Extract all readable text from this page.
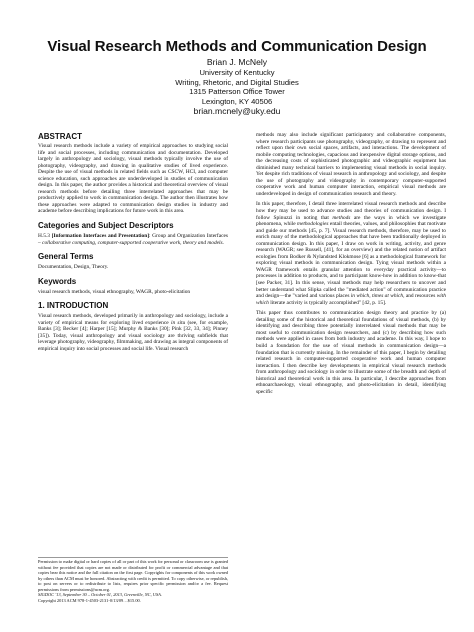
Visual Research Methods and Communication Design
Brian J. McNely
University of Kentucky
Writing, Rhetoric, and Digital Studies
1315 Patterson Office Tower
Lexington, KY 40506
brian.mcnely@uky.edu
ABSTRACT

Visual research methods include a variety of empirical approaches to studying social life and social processes, including communication and documentation. Developed largely in anthropology and sociology, visual methods typically involve the use of photography, videography, and drawing in qualitative studies of lived experience. Despite the use of visual methods in related fields such as CSCW, HCI, and computer science education, such approaches are underdeveloped in studies of communication design. In this paper, the author provides a historical and theoretical overview of visual research methods before detailing three interrelated approaches that may be productively applied to work in communication design. The author then illustrates how these approaches were adapted to communication design studies in industry and academe before describing implications for future work in this area.

Categories and Subject Descriptors

H.5.3 [Information Interfaces and Presentation]: Group and Organization Interfaces – collaborative computing, computer-supported cooperative work, theory and models.

General Terms

Documentation, Design, Theory.

Keywords

visual research methods, visual ethnography, WAGR, photo-elicitation

1. INTRODUCTION

Visual research methods, developed primarily in anthropology and sociology, include a variety of empirical means for exploring lived experience in situ (see, for example, Banks [3]; Becker [4]; Harper [15]; Murphy & Banks [30]; Pink [32, 33, 34]; Pinney [35]). Today, visual anthropology and visual sociology are thriving subfields that leverage photography, videography, filmmaking, and drawing as integral components of empirical inquiry into social processes and social life. Visual research

Permission to make digital or hard copies of all or part of this work for personal or classroom use is granted without fee provided that copies are not made or distributed for profit or commercial advantage and that copies bear this notice and the full citation on the first page. Copyrights for components of this work owned by others than ACM must be honored. Abstracting with credit is permitted. To copy otherwise, or republish, to post on servers or to redistribute to lists, requires prior specific permission and/or a fee. Request permissions from permissions@acm.org.
SIGDOC '13, September 30 – October 01, 2013, Greenville, NC, USA.
Copyright 2013 ACM 978-1-4503-2131-0/13/09…$15.00.

methods may also include significant participatory and collaborative components, where research participants use photography, videography, or drawing to represent and reflect upon their own social spaces, artifacts, and interactions. The development of mobile computing technologies, capacious and inexpensive digital storage options, and the decreasing costs of sophisticated photographic and videographic equipment has diminished many technical barriers to implementing visual methods in social inquiry. Yet despite rich traditions of visual research in anthropology and sociology, and despite the use of photography and videography in contemporary computer-supported cooperative work and human computer interaction, empirical visual methods are underdeveloped in design of communication research and theory.

In this paper, therefore, I detail three interrelated visual research methods and describe how they may be used to advance studies and theories of communication design. I follow Spinuzzi in noting that methods are the ways in which we investigate phenomena, while methodologies entail theories, values, and philosophies that motivate and guide our methods [45, p. 7]. Visual research methods, therefore, may be used to enrich many of the methodological approaches that have been traditionally deployed in communication design. In this paper, I draw on work in writing, activity, and genre research (WAGR; see Russell, [41], for an overview) and the related notion of artifact ecologies from Bodker & Nylandsted Klokmose [6] as a methodological framework for exploring visual methods in communication design. Tying visual methods within a WAGR framework entails granular attention to everyday practical activity—to processes in addition to products, and to participant know-how in addition to know-that [see Packer, 31]. In this sense, visual methods may help researchers to uncover and better understand what Slipka called the "mediated action" of communication practice and design—the "varied and various places in which, times at which, and resources with which literate activity is typically accomplished" [42, p. 15].

This paper thus contributes to communication design theory and practice by (a) detailing some of the historical and theoretical foundations of visual methods, (b) by identifying and describing three potentially interrelated visual methods that may be most useful to communication design researchers, and (c) by describing how such methods were applied in cases from both industry and academe. In this way, I hope to build a foundation for the use of visual methods in communication design—a foundation that is currently missing. In the remainder of this paper, I begin by detailing related research in computer-supported cooperative work and human computer interaction. I then describe key developments in empirical visual research methods from anthropology and sociology in order to illustrate some of the breadth and depth of historical and theoretical work in this area. In particular, I describe approaches from ethnoarchaeology, visual ethnography, and photo-elicitation in detail, identifying specific
